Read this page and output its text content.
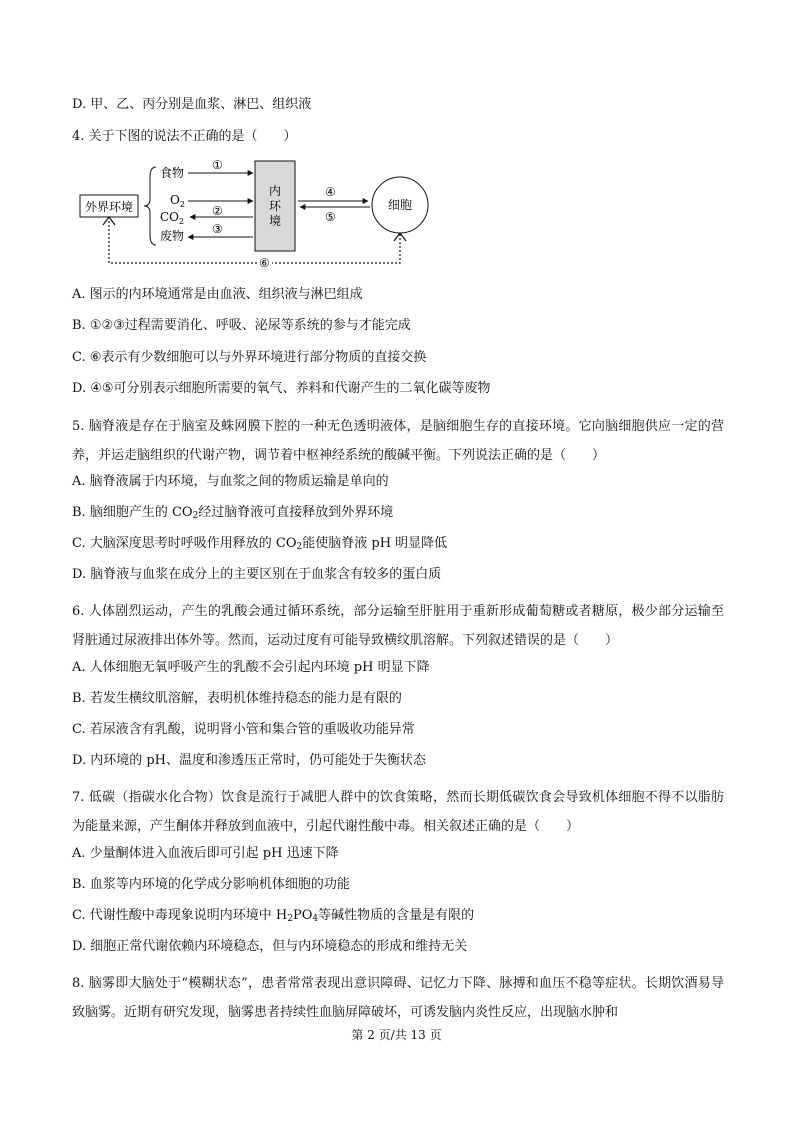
D. 甲、乙、丙分别是血浆、淋巴、组织液
4. 关于下图的说法不正确的是（　　）
外界环境
食物
$O_2$
$CO_2$
废物
①
②
③
内
环
境
④
⑤
细胞
⑥
A. 图示的内环境通常是由血液、组织液与淋巴组成
B. ①②③过程需要消化、呼吸、泌尿等系统的参与才能完成
C. ⑥表示有少数细胞可以与外界环境进行部分物质的直接交换
D. ④⑤可分别表示细胞所需要的氧气、养料和代谢产生的二氧化碳等废物
5. 脑脊液是存在于脑室及蛛网膜下腔的一种无色透明液体，是脑细胞生存的直接环境。它向脑细胞供应一定的营养，并运走脑组织的代谢产物，调节着中枢神经系统的酸碱平衡。下列说法正确的是（　　）
A. 脑脊液属于内环境，与血浆之间的物质运输是单向的
B. 脑细胞产生的 $CO_2$经过脑脊液可直接释放到外界环境
C. 大脑深度思考时呼吸作用释放的 $CO_2$能使脑脊液 pH 明显降低
D. 脑脊液与血浆在成分上的主要区别在于血浆含有较多的蛋白质
6. 人体剧烈运动，产生的乳酸会通过循环系统，部分运输至肝脏用于重新形成葡萄糖或者糖原，极少部分运输至肾脏通过尿液排出体外等。然而，运动过度有可能导致横纹肌溶解。下列叙述错误的是（　　）
A. 人体细胞无氧呼吸产生的乳酸不会引起内环境 pH 明显下降
B. 若发生横纹肌溶解，表明机体维持稳态的能力是有限的
C. 若尿液含有乳酸，说明肾小管和集合管的重吸收功能异常
D. 内环境的 pH、温度和渗透压正常时，仍可能处于失衡状态
7. 低碳（指碳水化合物）饮食是流行于减肥人群中的饮食策略，然而长期低碳饮食会导致机体细胞不得不以脂肪为能量来源，产生酮体并释放到血液中，引起代谢性酸中毒。相关叙述正确的是（　　）
A. 少量酮体进入血液后即可引起 pH 迅速下降
B. 血浆等内环境的化学成分影响机体细胞的功能
C. 代谢性酸中毒现象说明内环境中 $H_2PO_4$等碱性物质的含量是有限的
D. 细胞正常代谢依赖内环境稳态，但与内环境稳态的形成和维持无关
8. 脑雾即大脑处于“模糊状态”，患者常常表现出意识障碍、记忆力下降、脉搏和血压不稳等症状。长期饮酒易导致脑雾。近期有研究发现，脑雾患者持续性血脑屏障破坏，可诱发脑内炎性反应，出现脑水肿和
第 2 页/共 13 页
